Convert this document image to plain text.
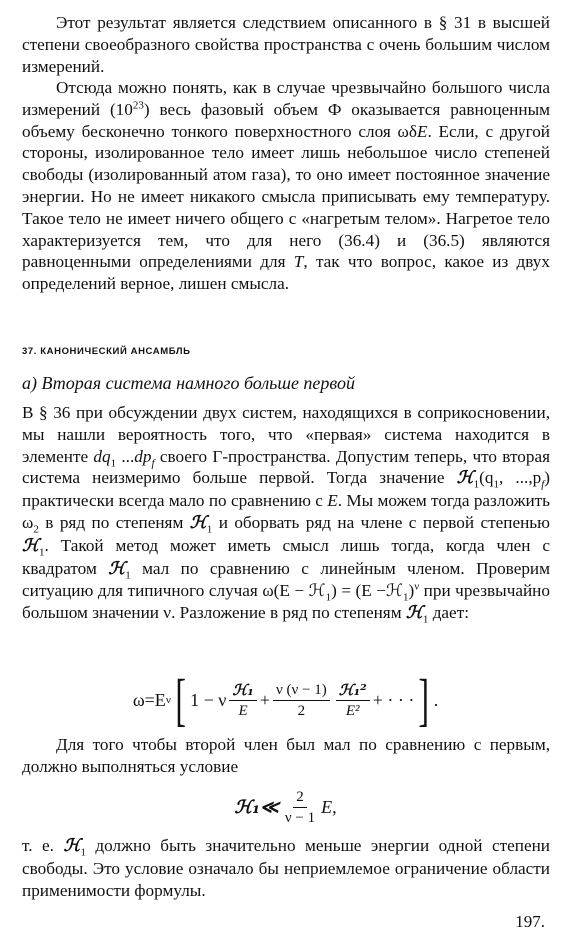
Этот результат является следствием описанного в § 31 в высшей степени своеобразного свойства пространства с очень большим числом измерений.

Отсюда можно понять, как в случае чрезвычайно большого числа измерений $(10^{23})$ весь фазовый объем Ф оказывается равноценным объему бесконечно тонкого поверхностного слоя ωδE. Если, с другой стороны, изолированное тело имеет лишь небольшое число степеней свободы (изолированный атом газа), то оно имеет постоянное значение энергии. Но не имеет никакого смысла приписывать ему температуру. Такое тело не имеет ничего общего с «нагретым телом». Нагретое тело характеризуется тем, что для него (36.4) и (36.5) являются равноценными определениями для T, так что вопрос, какое из двух определений верное, лишен смысла.

37. КАНОНИЧЕСКИЙ АНСАМБЛЬ
a) Вторая система намного больше первой

В § 36 при обсуждении двух систем, находящихся в соприкосновении, мы нашли вероятность того, что «первая» система находится в элементе $dq_1$ $...dp_f$ своего Г-пространства. Допустим теперь, что вторая система неизмеримо больше первой. Тогда значение $ℋ_1(q_1$, $...,p_f$) практически всегда мало по сравнению с E. Мы можем тогда разложить $\omega_2$ в ряд по степеням ℋ$_1$ и оборвать ряд на члене с первой степенью ℋ$_1$. Такой метод может иметь смысл лишь тогда, когда член с квадратом ℋ$_1$ мал по сравнению с линейным членом. Проверим ситуацию для типичного случая ω(E − ℋ$_1$) = (E −ℋ$_1$)$^\nu$ при чрезвычайно большом значении ν. Разложение в ряд по степеням ℋ$_1$ дает:

ω=E ν [ 1 − ν $\frac{\text{ℋ₁}}{E} + \frac{\nu (\nu - 1)}{2} \frac{\text{ℋ₁²}}{\text{E²}}$ + · · · ] .

Для того чтобы второй член был мал по сравнению с первым, должно выполняться условие

ℋ₁≪ $\frac{2}{\nu - 1} E$,

т. е. ℋ$_1$ должно быть значительно меньше энергии одной степени свободы. Это условие означало бы неприемлемое ограничение области применимости формулы.

197.
